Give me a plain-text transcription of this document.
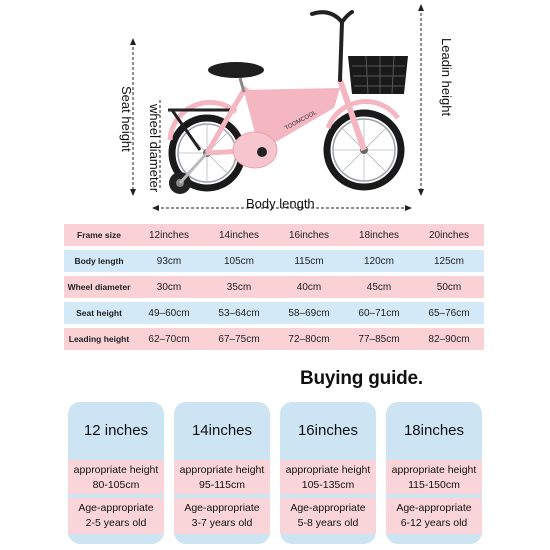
TOOMCOOL
Seat height wheel diameter
Leadin height
Body length
Frame size	12inches	14inches	16inches	18inches	20inches
Body length	93cm	105cm	115cm	120cm	125cm
Wheel diameter	30cm	35cm	40cm	45cm	50cm
Seat height	49–60cm	53–64cm	58–69cm	60–71cm	65–76cm
Leading height	62–70cm	67–75cm	72–80cm	77–85cm	82–90cm
Buying guide.
12 inches
appropriate height
80-105cm
Age-appropriate
2-5 years old
14inches
appropriate height
95-115cm
Age-appropriate
3-7 years old
16inches
appropriate height
105-135cm
Age-appropriate
5-8 years old
18inches
appropriate height
115-150cm
Age-appropriate
6-12 years old
